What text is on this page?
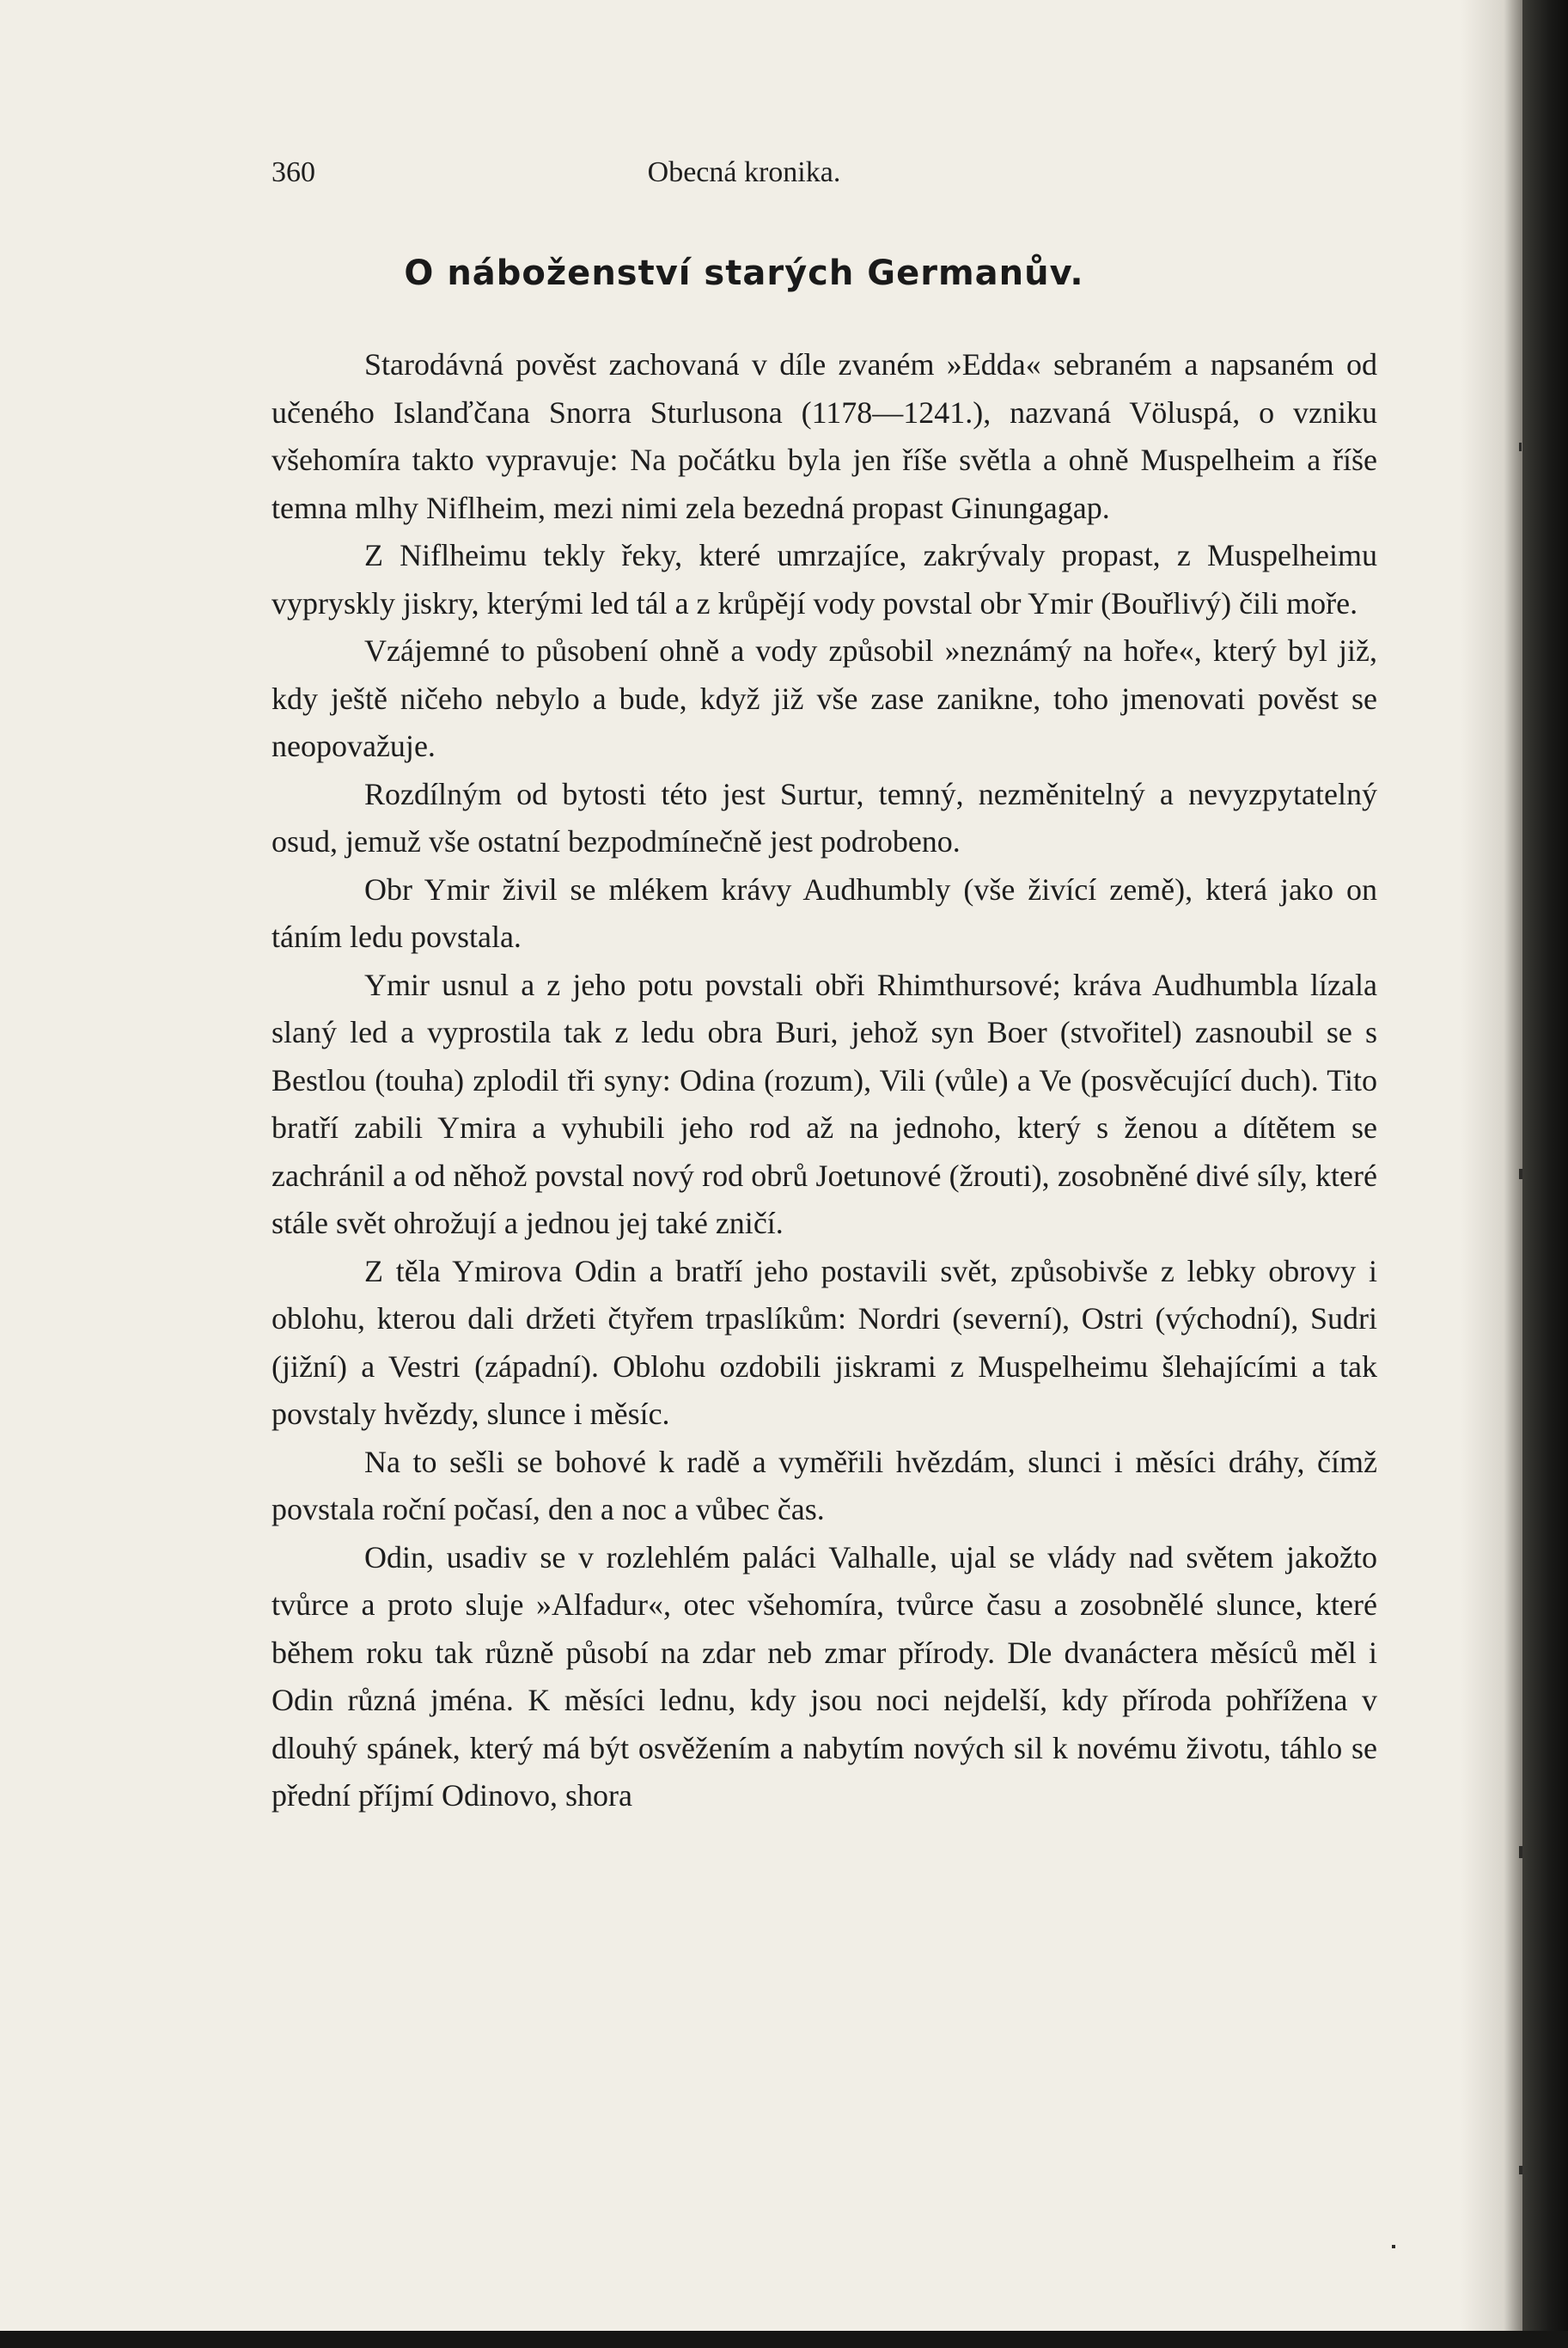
360	Obecná kronika.
O náboženství starých Germanův.

Starodávná pověst zachovaná v díle zvaném »Edda« sebraném a napsaném od učeného Islanďčana Snorra Sturlusona (1178—1241.), nazvaná Völuspá, o vzniku všehomíra takto vypravuje: Na počátku byla jen říše světla a ohně Muspelheim a říše temna mlhy Niflheim, mezi nimi zela bezedná propast Ginungagap.

Z Niflheimu tekly řeky, které umrzajíce, zakrývaly propast, z Muspelheimu vypryskly jiskry, kterými led tál a z krůpějí vody povstal obr Ymir (Bouřlivý) čili moře.

Vzájemné to působení ohně a vody způsobil »neznámý na hoře«, který byl již, kdy ještě ničeho nebylo a bude, když již vše zase zanikne, toho jmenovati pověst se neopovažuje.

Rozdílným od bytosti této jest Surtur, temný, nezměnitelný a nevyzpytatelný osud, jemuž vše ostatní bezpodmínečně jest podrobeno.

Obr Ymir živil se mlékem krávy Audhumbly (vše živící země), která jako on táním ledu povstala.

Ymir usnul a z jeho potu povstali obři Rhimthursové; kráva Audhumbla lízala slaný led a vyprostila tak z ledu obra Buri, jehož syn Boer (stvořitel) zasnoubil se s Bestlou (touha) zplodil tři syny: Odina (rozum), Vili (vůle) a Ve (posvěcující duch). Tito bratří zabili Ymira a vyhubili jeho rod až na jednoho, který s ženou a dítětem se zachránil a od něhož povstal nový rod obrů Joetunové (žrouti), zosobněné divé síly, které stále svět ohrožují a jednou jej také zničí.

Z těla Ymirova Odin a bratří jeho postavili svět, způsobivše z lebky obrovy i oblohu, kterou dali držeti čtyřem trpaslíkům: Nordri (severní), Ostri (východní), Sudri (jižní) a Vestri (západní). Oblohu ozdobili jiskrami z Muspelheimu šlehajícími a tak povstaly hvězdy, slunce i měsíc.

Na to sešli se bohové k radě a vyměřili hvězdám, slunci i měsíci dráhy, čímž povstala roční počasí, den a noc a vůbec čas.

Odin, usadiv se v rozlehlém paláci Valhalle, ujal se vlády nad světem jakožto tvůrce a proto sluje »Alfadur«, otec všehomíra, tvůrce času a zosobnělé slunce, které během roku tak různě působí na zdar neb zmar přírody. Dle dvanáctera měsíců měl i Odin různá jména. K měsíci lednu, kdy jsou noci nejdelší, kdy příroda pohřížena v dlouhý spánek, který má být osvěžením a nabytím nových sil k novému životu, táhlo se přední příjmí Odinovo, shora
